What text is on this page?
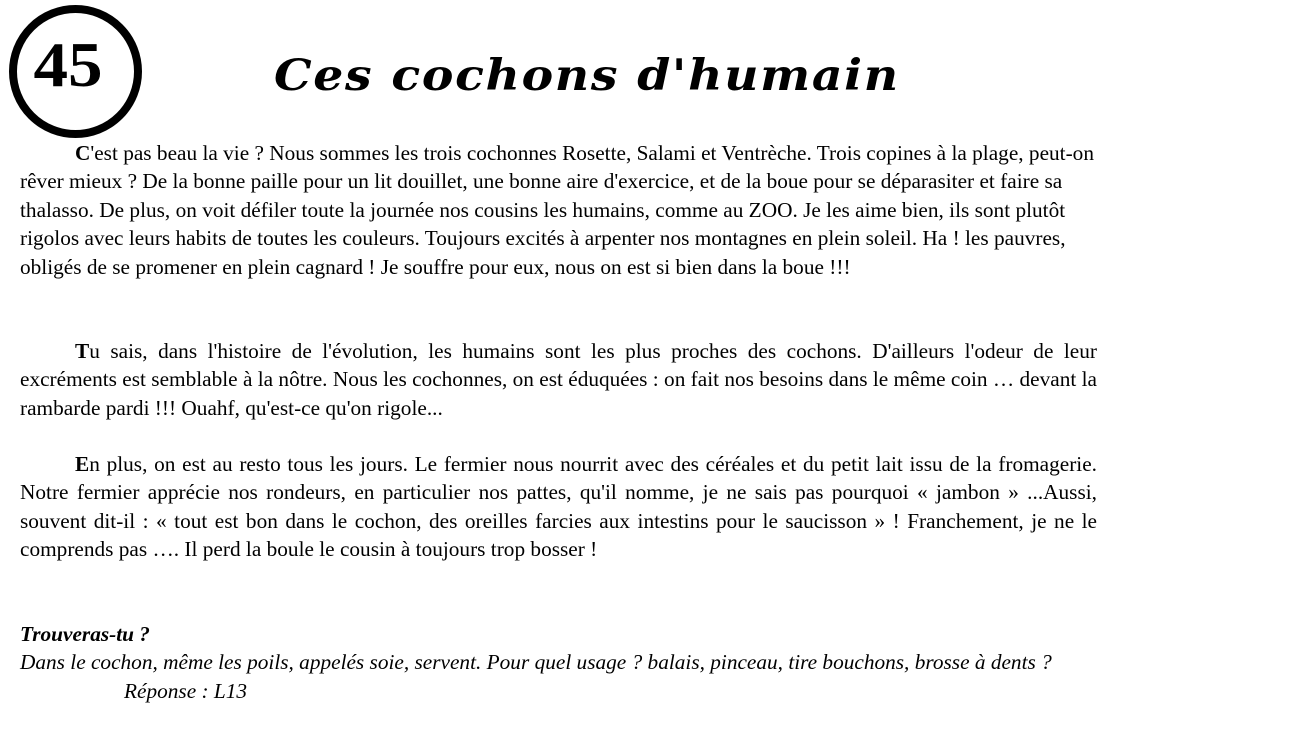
45	Ces cochons d'humain

C'est pas beau la vie ? Nous sommes les trois cochonnes Rosette, Salami et Ventrèche. Trois copines à la plage, peut-on rêver mieux ? De la bonne paille pour un lit douillet, une bonne aire d'exercice, et de la boue pour se déparasiter et faire sa thalasso. De plus, on voit défiler toute la journée nos cousins les humains, comme au ZOO. Je les aime bien, ils sont plutôt rigolos avec leurs habits de toutes les couleurs. Toujours excités à arpenter nos montagnes en plein soleil. Ha ! les pauvres, obligés de se promener en plein cagnard ! Je souffre pour eux, nous on est si bien dans la boue !!!

Tu sais, dans l'histoire de l'évolution, les humains sont les plus proches des cochons. D'ailleurs l'odeur de leur excréments est semblable à la nôtre. Nous les cochonnes, on est éduquées : on fait nos besoins dans le même coin … devant la rambarde pardi !!! Ouahf, qu'est-ce qu'on rigole...

En plus, on est au resto tous les jours. Le fermier nous nourrit avec des céréales et du petit lait issu de la fromagerie. Notre fermier apprécie nos rondeurs, en particulier nos pattes, qu'il nomme, je ne sais pas pourquoi « jambon » ...Aussi, souvent dit-il : « tout est bon dans le cochon, des oreilles farcies aux intestins pour le saucisson » ! Franchement, je ne le comprends pas …. Il perd la boule le cousin à toujours trop bosser !

Trouveras-tu ?

Dans le cochon, même les poils, appelés soie, servent. Pour quel usage ? balais, pinceau, tire bouchons, brosse à dents ?Réponse : L13
